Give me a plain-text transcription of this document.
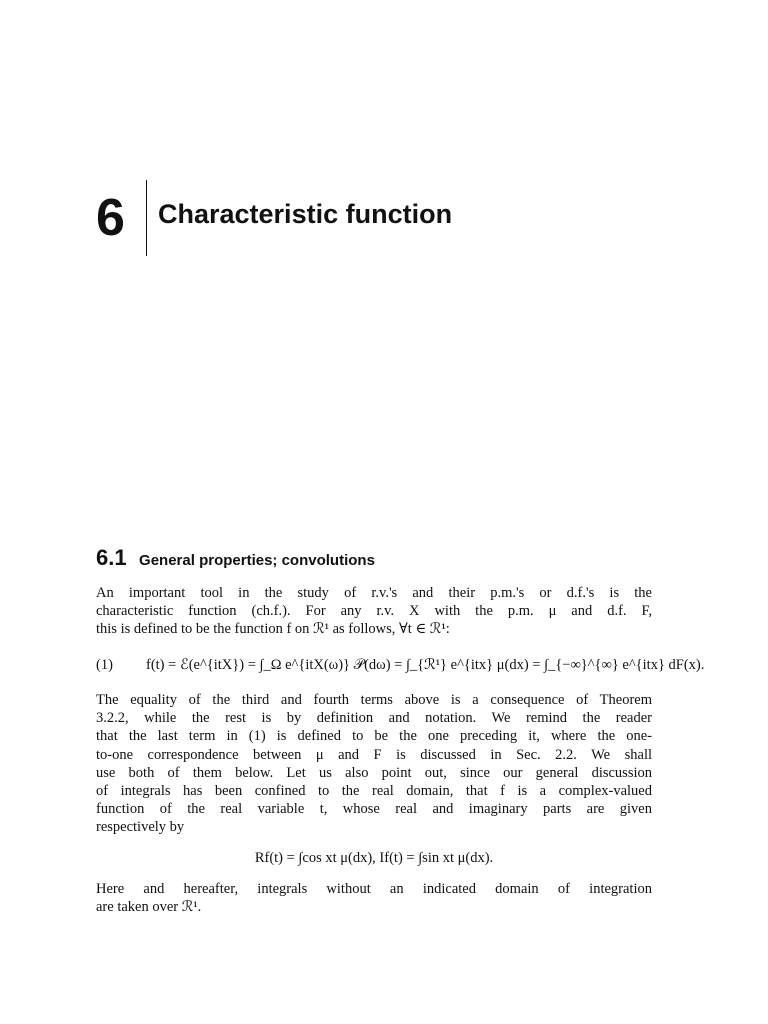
6 Characteristic function
6.1 General properties; convolutions
An important tool in the study of r.v.'s and their p.m.'s or d.f.'s is the
characteristic function (ch.f.). For any r.v. X with the p.m. μ and d.f. F,
this is defined to be the function f on ℛ¹ as follows, ∀t ∈ ℛ¹:
(1) f(t) = ℰ(e^{itX}) = ∫_Ω e^{itX(ω)} 𝒫(dω) = ∫_{ℛ¹} e^{itx} μ(dx) = ∫_{−∞}^{∞} e^{itx} dF(x).
The equality of the third and fourth terms above is a consequence of Theorem
3.2.2, while the rest is by definition and notation. We remind the reader
that the last term in (1) is defined to be the one preceding it, where the one-
to-one correspondence between μ and F is discussed in Sec. 2.2. We shall
use both of them below. Let us also point out, since our general discussion
of integrals has been confined to the real domain, that f is a complex-valued
function of the real variable t, whose real and imaginary parts are given
respectively by
Rf(t) = ∫cos xt μ(dx), If(t) = ∫sin xt μ(dx).
Here and hereafter, integrals without an indicated domain of integration
are taken over ℛ¹.
